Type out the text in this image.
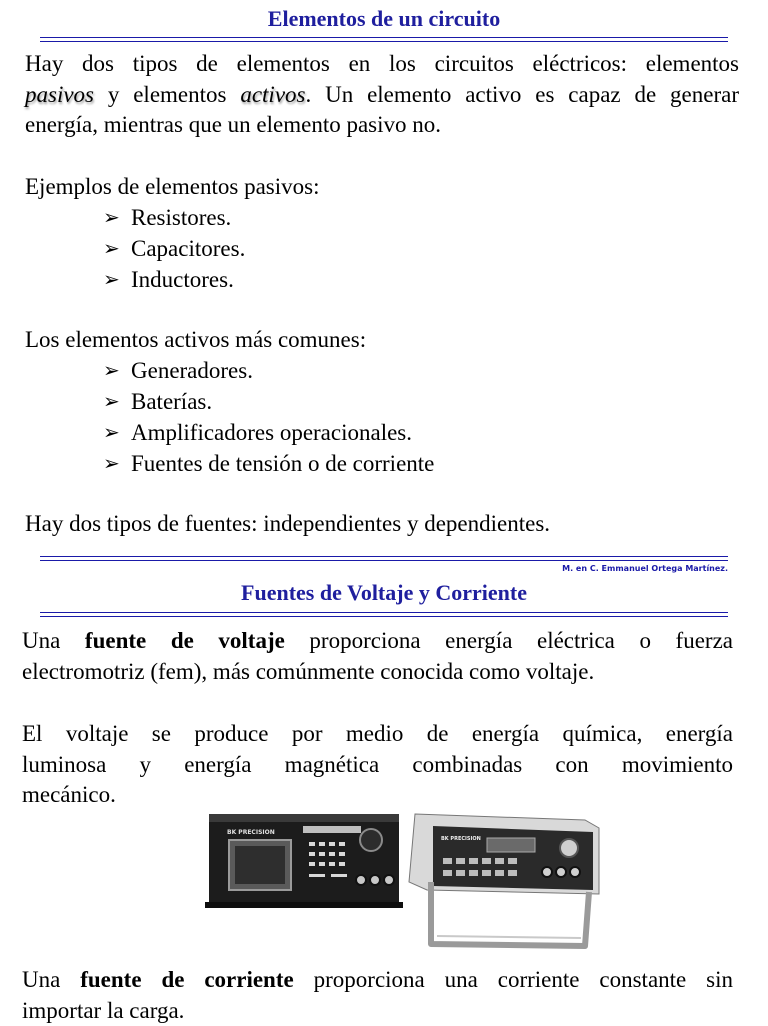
Elementos de un circuito

Hay dos tipos de elementos en los circuitos eléctricos: elementos
pasivos y elementos activos. Un elemento activo es capaz de generar
energía, mientras que un elemento pasivo no.

Ejemplos de elementos pasivos:

➢ Resistores.
➢ Capacitores.
➢ Inductores.

Los elementos activos más comunes:

➢ Generadores.
➢ Baterías.
➢ Amplificadores operacionales.
➢ Fuentes de tensión o de corriente

Hay dos tipos de fuentes: independientes y dependientes.

M. en C. Emmanuel Ortega Martínez.
Fuentes de Voltaje y Corriente

Una fuente de voltaje proporciona energía eléctrica o fuerza
electromotriz (fem), más comúnmente conocida como voltaje.

El voltaje se produce por medio de energía química, energía
luminosa y energía magnética combinadas con movimiento
mecánico.

BK PRECISION
BK PRECISION

Una fuente de corriente proporciona una corriente constante sin
importar la carga.
